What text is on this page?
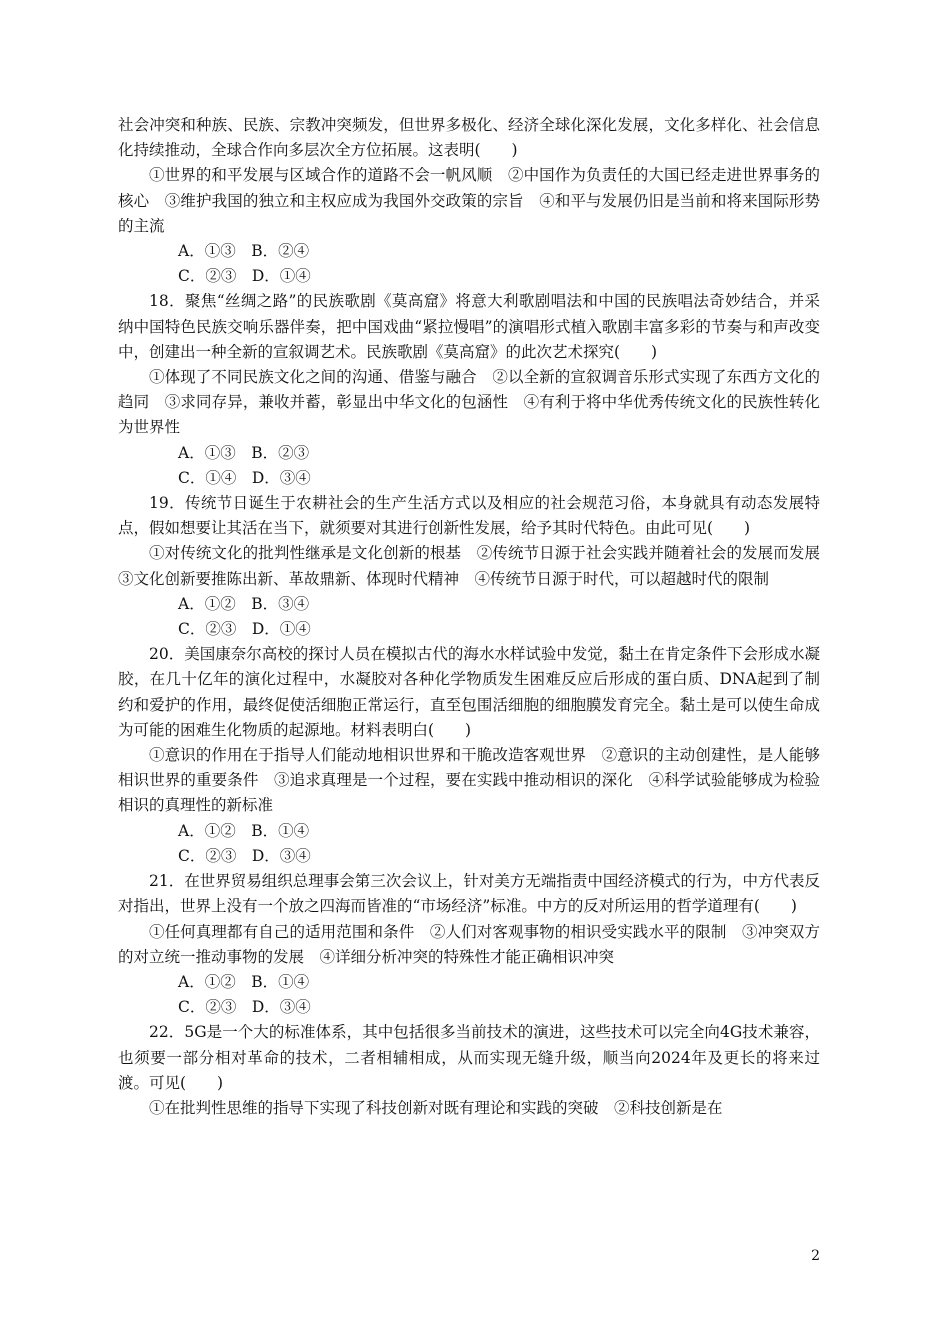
社会冲突和种族、民族、宗教冲突频发，但世界多极化、经济全球化深化发展，文化多样化、社会信息化持续推动，全球合作向多层次全方位拓展。这表明(　　)

①世界的和平发展与区域合作的道路不会一帆风顺　②中国作为负责任的大国已经走进世界事务的核心　③维护我国的独立和主权应成为我国外交政策的宗旨　④和平与发展仍旧是当前和将来国际形势的主流

A．①③　B．②④

C．②③　D．①④

18．聚焦“丝绸之路”的民族歌剧《莫高窟》将意大利歌剧唱法和中国的民族唱法奇妙结合，并采纳中国特色民族交响乐器伴奏，把中国戏曲“紧拉慢唱”的演唱形式植入歌剧丰富多彩的节奏与和声改变中，创建出一种全新的宣叙调艺术。民族歌剧《莫高窟》的此次艺术探究(　　)

①体现了不同民族文化之间的沟通、借鉴与融合　②以全新的宣叙调音乐形式实现了东西方文化的趋同　③求同存异，兼收并蓄，彰显出中华文化的包涵性　④有利于将中华优秀传统文化的民族性转化为世界性

A．①③　B．②③

C．①④　D．③④

19．传统节日诞生于农耕社会的生产生活方式以及相应的社会规范习俗，本身就具有动态发展特点，假如想要让其活在当下，就须要对其进行创新性发展，给予其时代特色。由此可见(　　)

①对传统文化的批判性继承是文化创新的根基　②传统节日源于社会实践并随着社会的发展而发展　③文化创新要推陈出新、革故鼎新、体现时代精神　④传统节日源于时代，可以超越时代的限制

A．①②　B．③④

C．②③　D．①④

20．美国康奈尔高校的探讨人员在模拟古代的海水水样试验中发觉，黏土在肯定条件下会形成水凝胶，在几十亿年的演化过程中，水凝胶对各种化学物质发生困难反应后形成的蛋白质、DNA起到了制约和爱护的作用，最终促使活细胞正常运行，直至包围活细胞的细胞膜发育完全。黏土是可以使生命成为可能的困难生化物质的起源地。材料表明白(　　)

①意识的作用在于指导人们能动地相识世界和干脆改造客观世界　②意识的主动创建性，是人能够相识世界的重要条件　③追求真理是一个过程，要在实践中推动相识的深化　④科学试验能够成为检验相识的真理性的新标准

A．①②　B．①④

C．②③　D．③④

21．在世界贸易组织总理事会第三次会议上，针对美方无端指责中国经济模式的行为，中方代表反对指出，世界上没有一个放之四海而皆准的“市场经济”标准。中方的反对所运用的哲学道理有(　　)

①任何真理都有自己的适用范围和条件　②人们对客观事物的相识受实践水平的限制　③冲突双方的对立统一推动事物的发展　④详细分析冲突的特殊性才能正确相识冲突

A．①②　B．①④

C．②③　D．③④

22．5G是一个大的标准体系，其中包括很多当前技术的演进，这些技术可以完全向4G技术兼容，也须要一部分相对革命的技术，二者相辅相成，从而实现无缝升级，顺当向2024年及更长的将来过渡。可见(　　)

①在批判性思维的指导下实现了科技创新对既有理论和实践的突破　②科技创新是在

2
